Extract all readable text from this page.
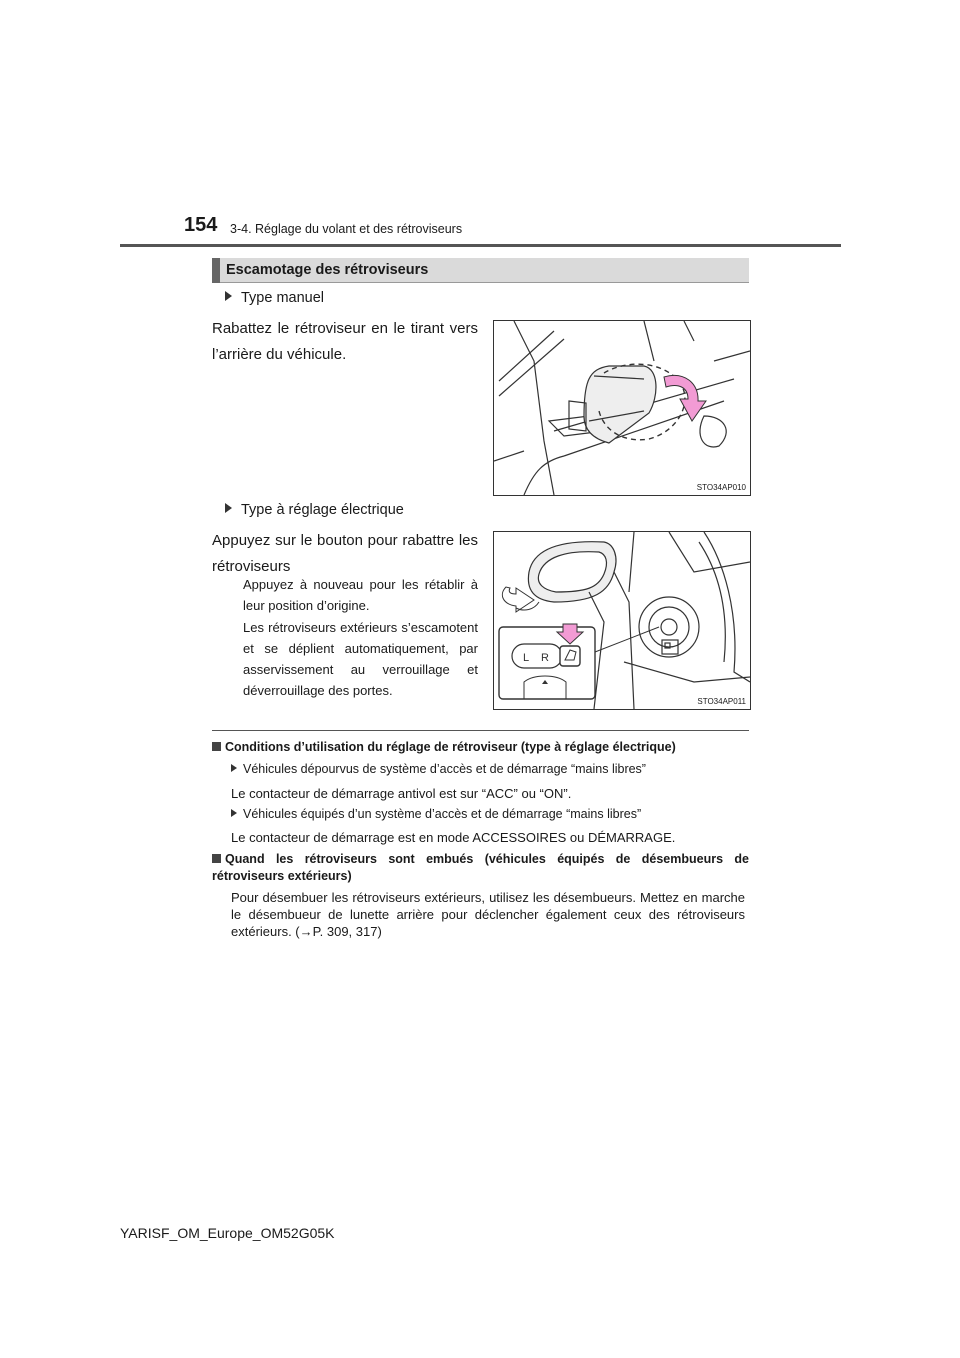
154 3-4. Réglage du volant et des rétroviseurs
Escamotage des rétroviseurs
Type manuel
Rabattez le rétroviseur en le tirant vers l’arrière du véhicule.
STO34AP010
Type à réglage électrique
Appuyez sur le bouton pour rabattre les rétroviseurs
Appuyez à nouveau pour les rétablir à leur position d’origine.
Les rétroviseurs extérieurs s’escamotent et se déplient automatiquement, par asservissement au verrouillage et déverrouillage des portes.
L R
STO34AP011
Conditions d’utilisation du réglage de rétroviseur (type à réglage électrique)
Véhicules dépourvus de système d’accès et de démarrage “mains libres”
Le contacteur de démarrage antivol est sur “ACC” ou “ON”.
Véhicules équipés d’un système d’accès et de démarrage “mains libres”
Le contacteur de démarrage est en mode ACCESSOIRES ou DÉMARRAGE.
Quand les rétroviseurs sont embués (véhicules équipés de désembueurs de rétroviseurs extérieurs)
Pour désembuer les rétroviseurs extérieurs, utilisez les désembueurs. Mettez en marche le désembueur de lunette arrière pour déclencher également ceux des rétroviseurs extérieurs. (→P. 309, 317)
YARISF_OM_Europe_OM52G05K
